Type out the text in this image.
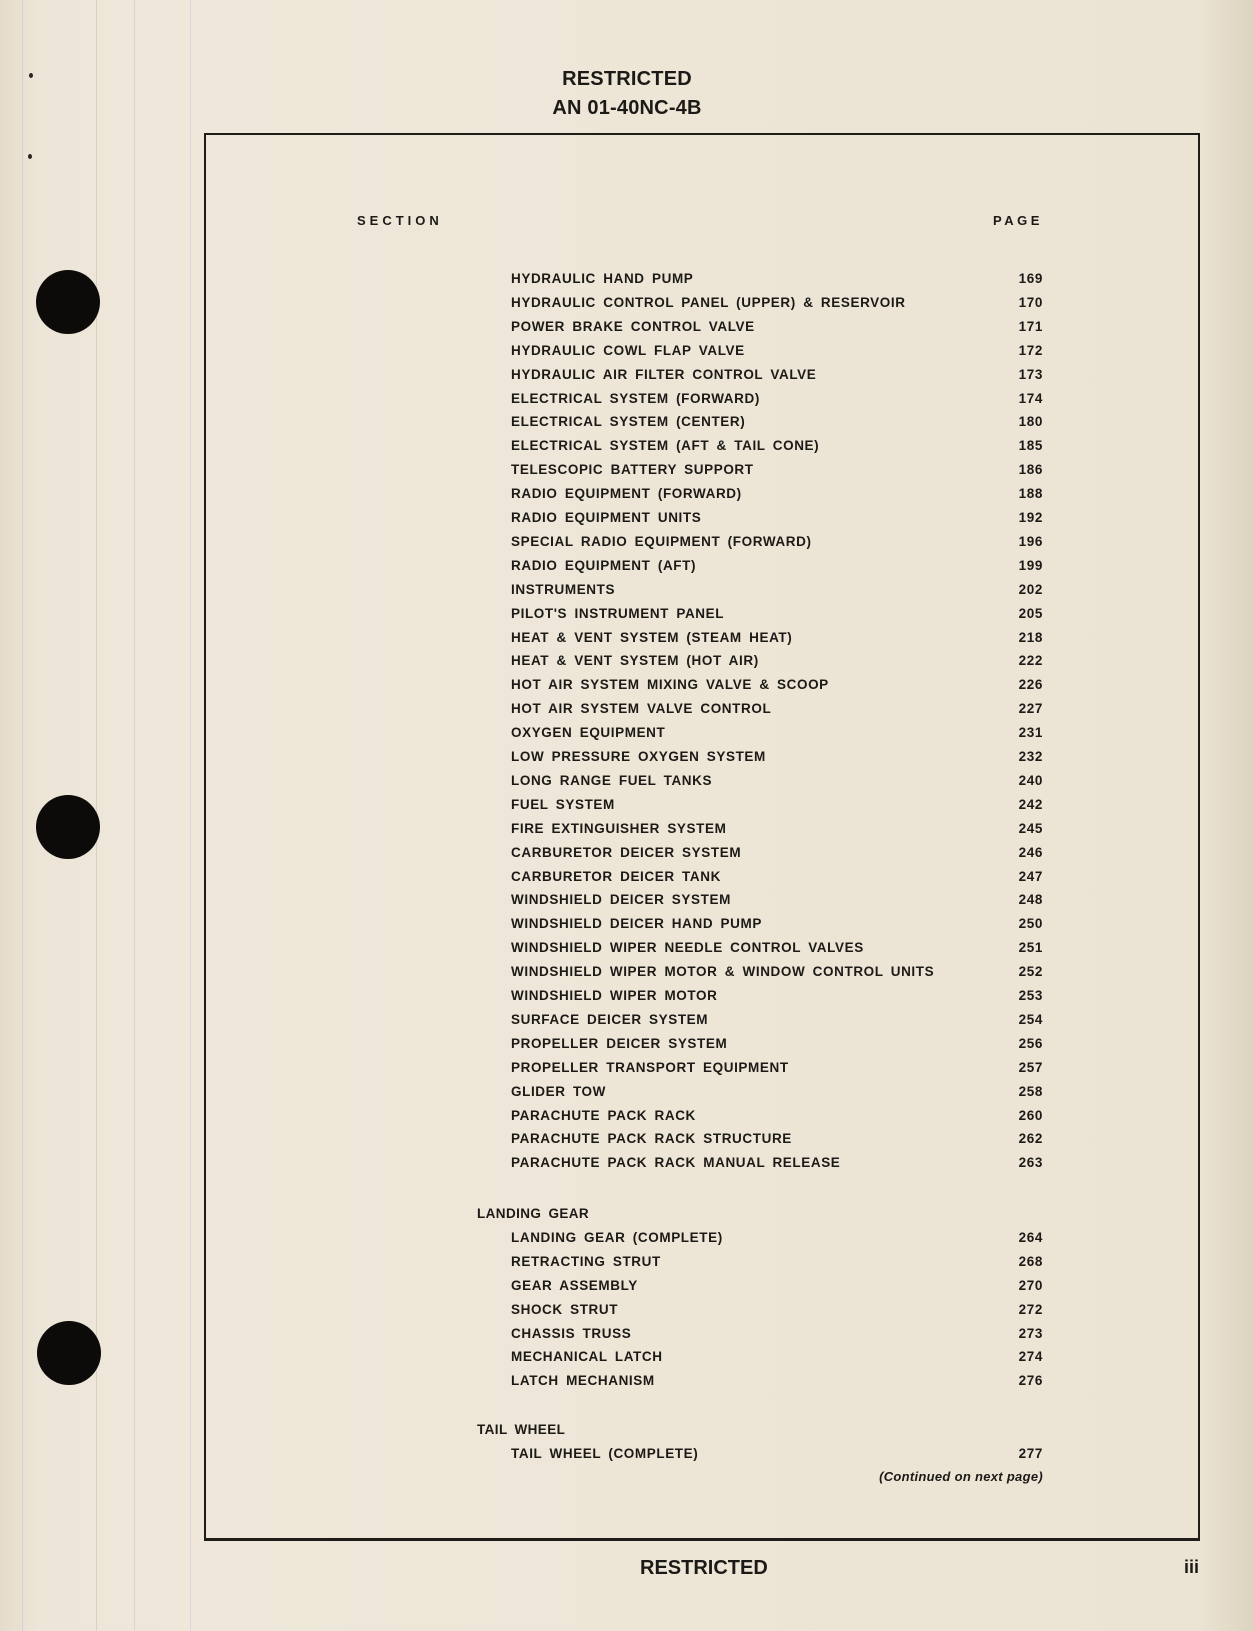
RESTRICTED
AN 01-40NC-4B
SECTION	PAGE
HYDRAULIC HAND PUMP	169
HYDRAULIC CONTROL PANEL (UPPER) & RESERVOIR	170
POWER BRAKE CONTROL VALVE	171
HYDRAULIC COWL FLAP VALVE	172
HYDRAULIC AIR FILTER CONTROL VALVE	173
ELECTRICAL SYSTEM (FORWARD)	174
ELECTRICAL SYSTEM (CENTER)	180
ELECTRICAL SYSTEM (AFT & TAIL CONE)	185
TELESCOPIC BATTERY SUPPORT	186
RADIO EQUIPMENT (FORWARD)	188
RADIO EQUIPMENT UNITS	192
SPECIAL RADIO EQUIPMENT (FORWARD)	196
RADIO EQUIPMENT (AFT)	199
INSTRUMENTS	202
PILOT'S INSTRUMENT PANEL	205
HEAT & VENT SYSTEM (STEAM HEAT)	218
HEAT & VENT SYSTEM (HOT AIR)	222
HOT AIR SYSTEM MIXING VALVE & SCOOP	226
HOT AIR SYSTEM VALVE CONTROL	227
OXYGEN EQUIPMENT	231
LOW PRESSURE OXYGEN SYSTEM	232
LONG RANGE FUEL TANKS	240
FUEL SYSTEM	242
FIRE EXTINGUISHER SYSTEM	245
CARBURETOR DEICER SYSTEM	246
CARBURETOR DEICER TANK	247
WINDSHIELD DEICER SYSTEM	248
WINDSHIELD DEICER HAND PUMP	250
WINDSHIELD WIPER NEEDLE CONTROL VALVES	251
WINDSHIELD WIPER MOTOR & WINDOW CONTROL UNITS	252
WINDSHIELD WIPER MOTOR	253
SURFACE DEICER SYSTEM	254
PROPELLER DEICER SYSTEM	256
PROPELLER TRANSPORT EQUIPMENT	257
GLIDER TOW	258
PARACHUTE PACK RACK	260
PARACHUTE PACK RACK STRUCTURE	262
PARACHUTE PACK RACK MANUAL RELEASE	263
LANDING GEAR
LANDING GEAR (COMPLETE)	264
RETRACTING STRUT	268
GEAR ASSEMBLY	270
SHOCK STRUT	272
CHASSIS TRUSS	273
MECHANICAL LATCH	274
LATCH MECHANISM	276
TAIL WHEEL
TAIL WHEEL (COMPLETE)	277
(Continued on next page)
RESTRICTED	iii
